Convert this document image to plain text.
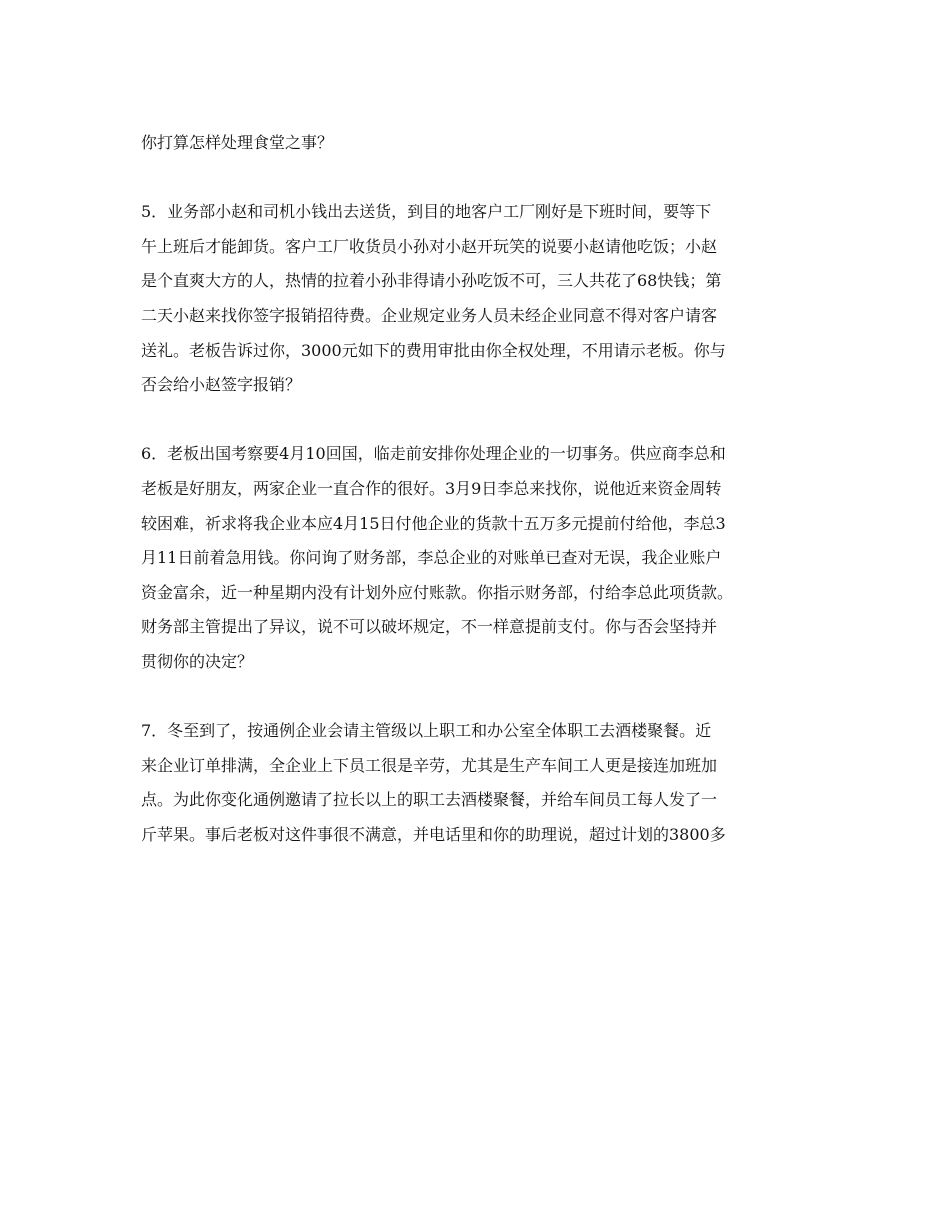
你打算怎样处理食堂之事？
5．业务部小赵和司机小钱出去送货，到目的地客户工厂刚好是下班时间，要等下
午上班后才能卸货。客户工厂收货员小孙对小赵开玩笑的说要小赵请他吃饭；小赵
是个直爽大方的人，热情的拉着小孙非得请小孙吃饭不可，三人共花了68快钱；第
二天小赵来找你签字报销招待费。企业规定业务人员未经企业同意不得对客户请客
送礼。老板告诉过你，3000元如下的费用审批由你全权处理，不用请示老板。你与
否会给小赵签字报销？
6．老板出国考察要4月10回国，临走前安排你处理企业的一切事务。供应商李总和
老板是好朋友，两家企业一直合作的很好。3月9日李总来找你，说他近来资金周转
较困难，祈求将我企业本应4月15日付他企业的货款十五万多元提前付给他，李总3
月11日前着急用钱。你问询了财务部，李总企业的对账单已查对无误，我企业账户
资金富余，近一种星期内没有计划外应付账款。你指示财务部，付给李总此项货款。
财务部主管提出了异议，说不可以破坏规定，不一样意提前支付。你与否会坚持并
贯彻你的决定？
7．冬至到了，按通例企业会请主管级以上职工和办公室全体职工去酒楼聚餐。近
来企业订单排满，全企业上下员工很是辛劳，尤其是生产车间工人更是接连加班加
点。为此你变化通例邀请了拉长以上的职工去酒楼聚餐，并给车间员工每人发了一
斤苹果。事后老板对这件事很不满意，并电话里和你的助理说，超过计划的3800多
